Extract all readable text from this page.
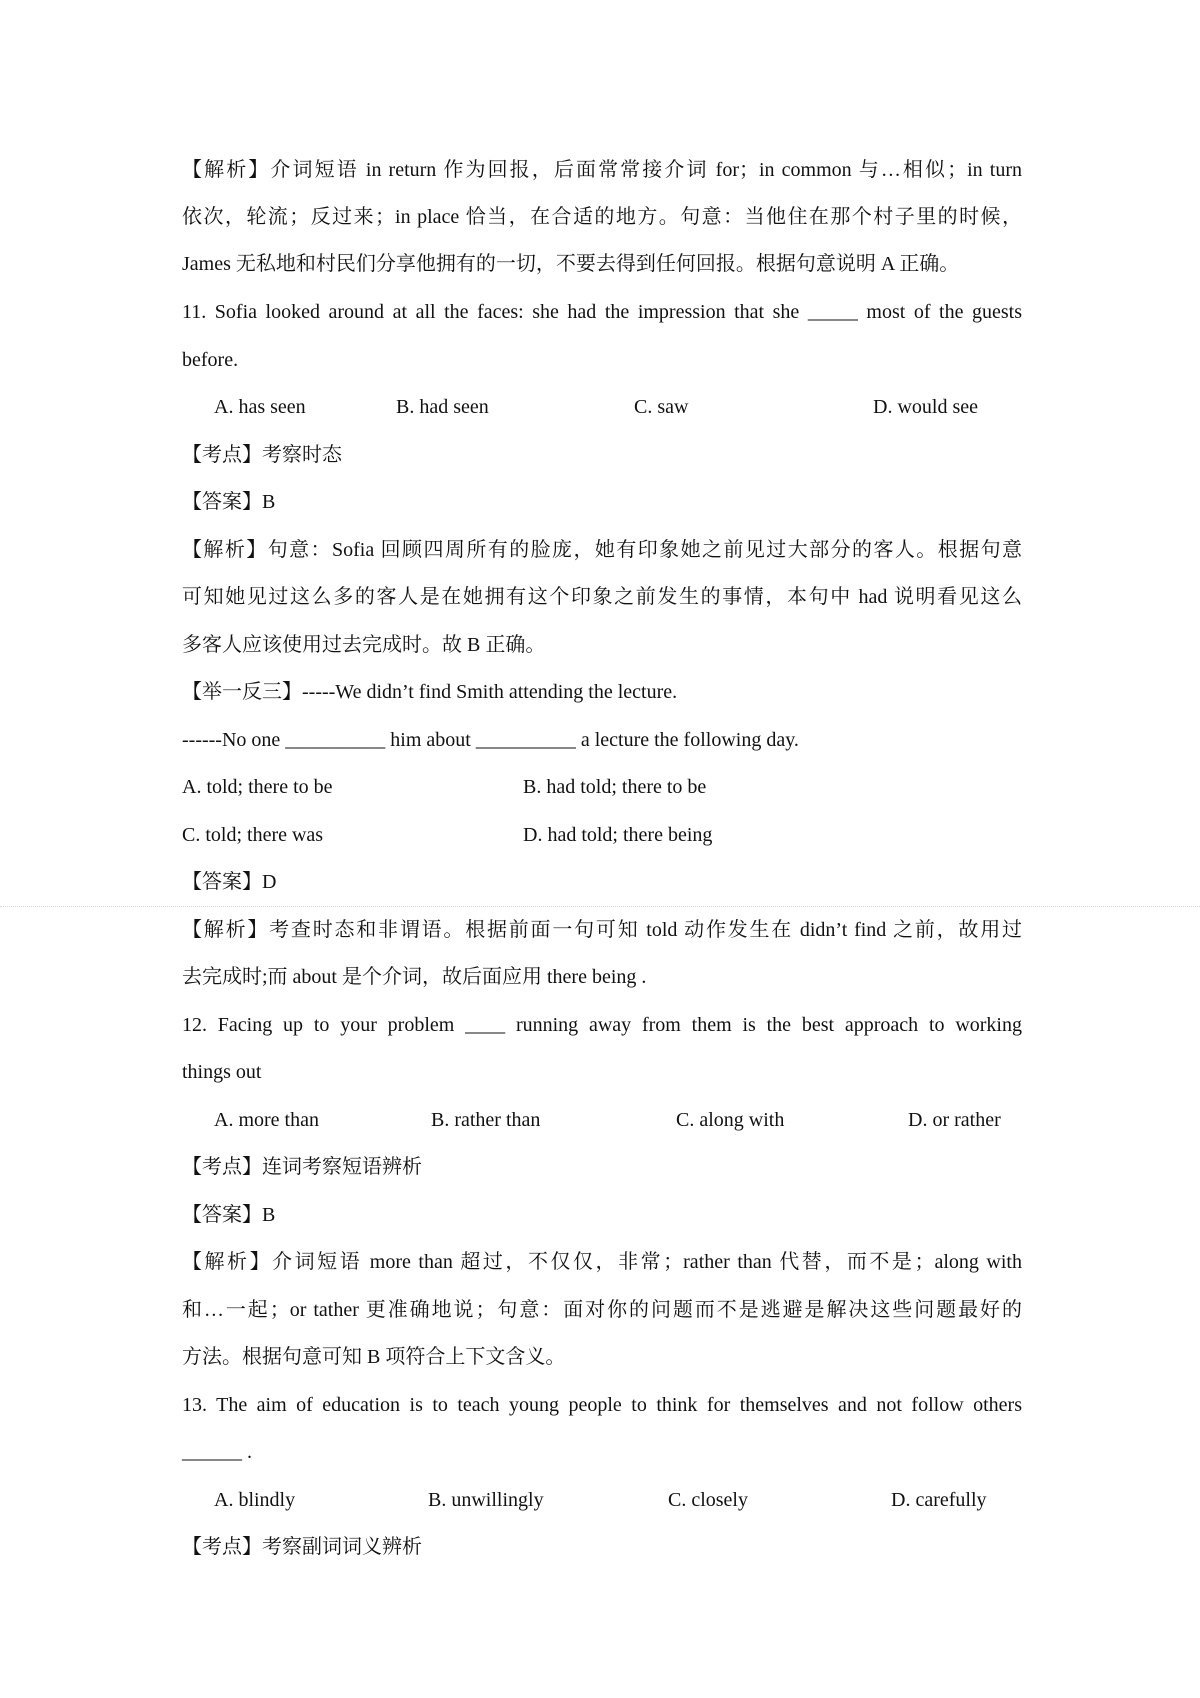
【解析】介词短语 in return 作为回报，后面常常接介词 for；in common 与…相似；in turn
依次，轮流；反过来；in place 恰当，在合适的地方。句意：当他住在那个村子里的时候，
James 无私地和村民们分享他拥有的一切，不要去得到任何回报。根据句意说明 A 正确。
11. Sofia looked around at all the faces: she had the impression that she _____ most of the guests
before.
A. has seen	B. had seen	C. saw	D. would see
【考点】考察时态
【答案】B
【解析】句意：Sofia 回顾四周所有的脸庞，她有印象她之前见过大部分的客人。根据句意
可知她见过这么多的客人是在她拥有这个印象之前发生的事情，本句中 had 说明看见这么
多客人应该使用过去完成时。故 B 正确。
【举一反三】-----We didn’t find Smith attending the lecture.
------No one __________ him about __________ a lecture the following day.
A. told; there to be	B. had told; there to be
C. told; there was	D. had told; there being
【答案】D
【解析】考查时态和非谓语。根据前面一句可知 told 动作发生在 didn’t find 之前，故用过
去完成时;而 about 是个介词，故后面应用 there being .
12. Facing up to your problem ____ running away from them is the best approach to working
things out
A. more than	B. rather than	C. along with	D. or rather
【考点】连词考察短语辨析
【答案】B
【解析】介词短语 more than 超过，不仅仅，非常；rather than 代替，而不是；along with
和…一起；or tather 更准确地说；句意：面对你的问题而不是逃避是解决这些问题最好的
方法。根据句意可知 B 项符合上下文含义。
13. The aim of education is to teach young people to think for themselves and not follow others
______ .
A. blindly	B. unwillingly	C. closely	D. carefully
【考点】考察副词词义辨析
